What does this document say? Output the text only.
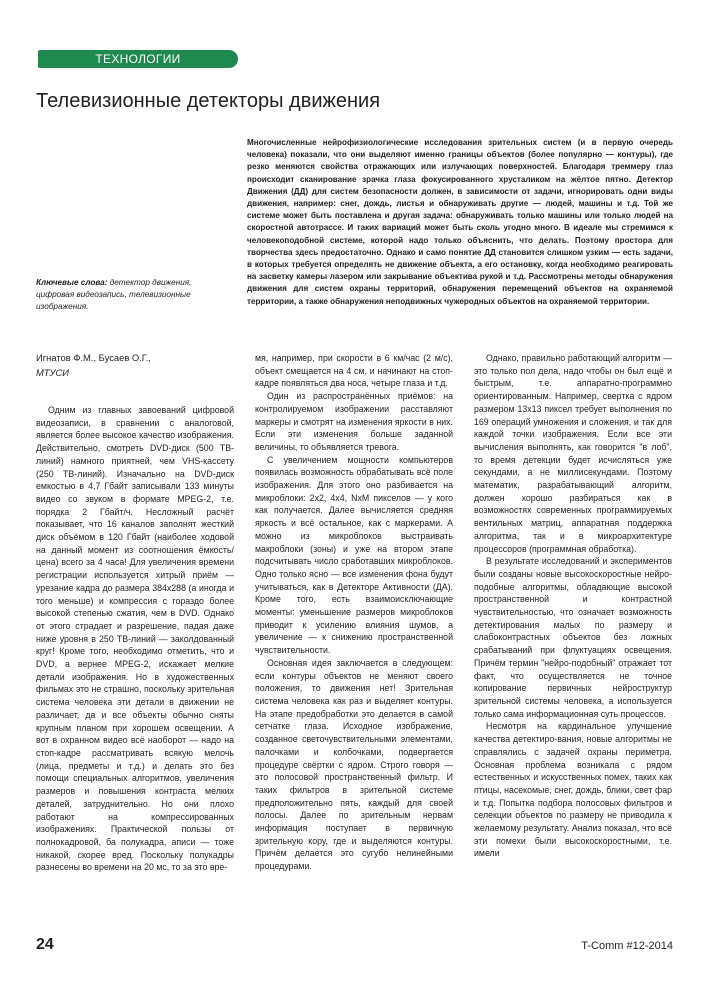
ТЕХНОЛОГИИ
Телевизионные детекторы движения

Многочисленные нейрофизиологические исследования зрительных систем (и в первую очередь человека) показали, что они выделяют именно границы объектов (более популярно — контуры), где резко меняются свойства отражающих или излучающих поверхностей. Благодаря треммеру глаз происходит сканирование зрачка глаза фокусированного хрусталиком на жёлтое пятно. Детектор Движения (ДД) для систем безопасности должен, в зависимости от задачи, игнорировать одни виды движения, например: снег, дождь, листья и обнаруживать другие — людей, машины и т.д. Той же системе может быть поставлена и другая задача: обнаруживать только машины или только людей на скоростной автотрассе. И таких вариаций может быть сколь угодно много. В идеале мы стремимся к человекоподобной системе, которой надо только объяснить, что делать. Поэтому простора для творчества здесь предостаточно. Однако и само понятие ДД становится слишком узким — есть задачи, в которых требуется определять не движение объекта, а его остановку, когда необходимо реагировать на засветку камеры лазером или закрывание объектива рукой и т.д. Рассмотрены методы обнаружения движения для систем охраны территорий, обнаружения перемещений объектов на охраняемой территории, а также обнаружения неподвижных чужеродных объектов на охраняемой территории.

Ключевые слова: детектор движения, цифровая видеозапись, телевизионные изображения.

Игнатов Ф.М., Бусаев О.Г.,

МТУСИ

Одним из главных завоеваний цифровой видеозаписи, в сравнении с аналоговой, является более высокое качество изображения. Действительно, смотреть DVD-диск (500 ТВ-линий) намного приятней, чем VHS-кассету (250 ТВ-линий). Изначально на DVD-диск емкостью в 4,7 Гбайт записывали 133 минуты видео со звуком в формате MPEG-2, т.е. порядка 2 Гбайт/ч. Несложный расчёт показывает, что 16 каналов заполнят жесткий диск объёмом в 120 Гбайт (наиболее ходовой на данный момент из соотношения ёмкость/цена) всего за 4 часа! Для увеличения времени регистрации используется хитрый приём — урезание кадра до размера 384х288 (а иногда и того меньше) и компрессия с гораздо более высокой степенью сжатия, чем в DVD. Однако от этого страдает и разрешение, падая даже ниже уровня в 250 ТВ-линий — заколдованный круг! Кроме того, необходимо отметить, что и DVD, а вернее MPEG-2, искажает мелкие детали изображения. Но в художественных фильмах это не страшно, поскольку зрительная система человека эти детали в движении не различает, да и все объекты обычно сняты крупным планом при хорошем освещении. А вот в охранном видео всё наоборот — надо на стоп-кадре рассматривать всякую мелочь (лица, предметы и т.д.) и делать это без помощи специальных алгоритмов, увеличения размеров и повышения контраста мелких деталей, затруднительно. Но они плохо работают на компрессированных изображениях. Практической пользы от полнокадровой, ба полукадра, аписи — тоже никакой, скорее вред. Поскольку полукадры разнесены во времени на 20 мс, то за это вре-

мя, например, при скорости в 6 км/час (2 м/с), объект смещается на 4 см, и начинают на стоп-кадре появляться два носа, четыре глаза и т.д.

Один из распространённых приёмов: на контролируемом изображении расставляют маркеры и смотрят на изменения яркости в них. Если эти изменения больше заданной величины, то объявляется тревога.

С увеличением мощности компьютеров появилась возможность обрабатывать всё поле изображения. Для этого оно разбивается на микроблоки: 2х2, 4х4, NхM пикселов — у кого как получается. Далее вычисляется средняя яркость и всё остальное, как с маркерами. А можно из микроблоков выстраивать макроблоки (зоны) и уже на втором этапе подсчитывать число сработавших микроблоков. Одно только ясно — все изменения фона будут учитываться, как в Детекторе Активности (ДА). Кроме того, есть взаимоисключающие моменты: уменьшение размеров микроблоков приводит к усилению влияния шумов, а увеличение — к снижению пространственной чувствительности.

Основная идея заключается в следующем: если контуры объектов не меняют своего положения, то движения нет! Зрительная система человека как раз и выделяет контуры. На этапе предобработки это делается в самой сетчатке глаза. Исходное изображение, созданное светочувствительными элементами, палочками и колбочками, подвергается процедуре свёртки с ядром. Строго говоря — это полосовой пространственный фильтр. И таких фильтров в зрительной системе предположительно пять, каждый для своей полосы. Далее по зрительным нервам информация поступает в первичную зрительную кору, где и выделяются контуры. Причём делается это сугубо нелинейными процедурами.

Однако, правильно работающий алгоритм — это только пол дела, надо чтобы он был ещё и быстрым, т.е. аппаратно-программно ориентированным. Например, свертка с ядром размером 13х13 пиксел требует выполнения по 169 операций умножения и сложения, и так для каждой точки изображения. Если все эти вычисления выполнять, как говорится "в лоб", то время детекции будет исчисляться уже секундами, а не миллисекундами. Поэтому математик, разрабатывающий алгоритм, должен хорошо разбираться как в возможностях современных программируемых вентильных матриц, аппаратная поддержка алгоритма, так и в микроархитектуре процессоров (программная обработка).

В результате исследований и экспериментов были созданы новые высокоскоростные нейро-подобные алгоритмы, обладающие высокой пространственной и контрастной чувствительностью, что означает возможность детектирования малых по размеру и слабоконтрастных объектов без ложных срабатываний при флуктуациях освещения. Причём термин "нейро-подобный" отражает тот факт, что осуществляется не точное копирование первичных нейроструктур зрительной системы человека, а используется только сама информационная суть процессов.

Несмотря на кардинальное улучшение качества детектиро-вания, новые алгоритмы не справлялись с задачей охраны периметра. Основная проблема возникала с рядом естественных и искусственных помех, таких как птицы, насекомые, снег, дождь, блики, свет фар и т.д. Попытка подбора полосовых фильтров и селекции объектов по размеру не приводила к желаемому результату. Анализ показал, что всё эти помехи были высокоскоростными, т.е. имели

24	T-Comm #12-2014
